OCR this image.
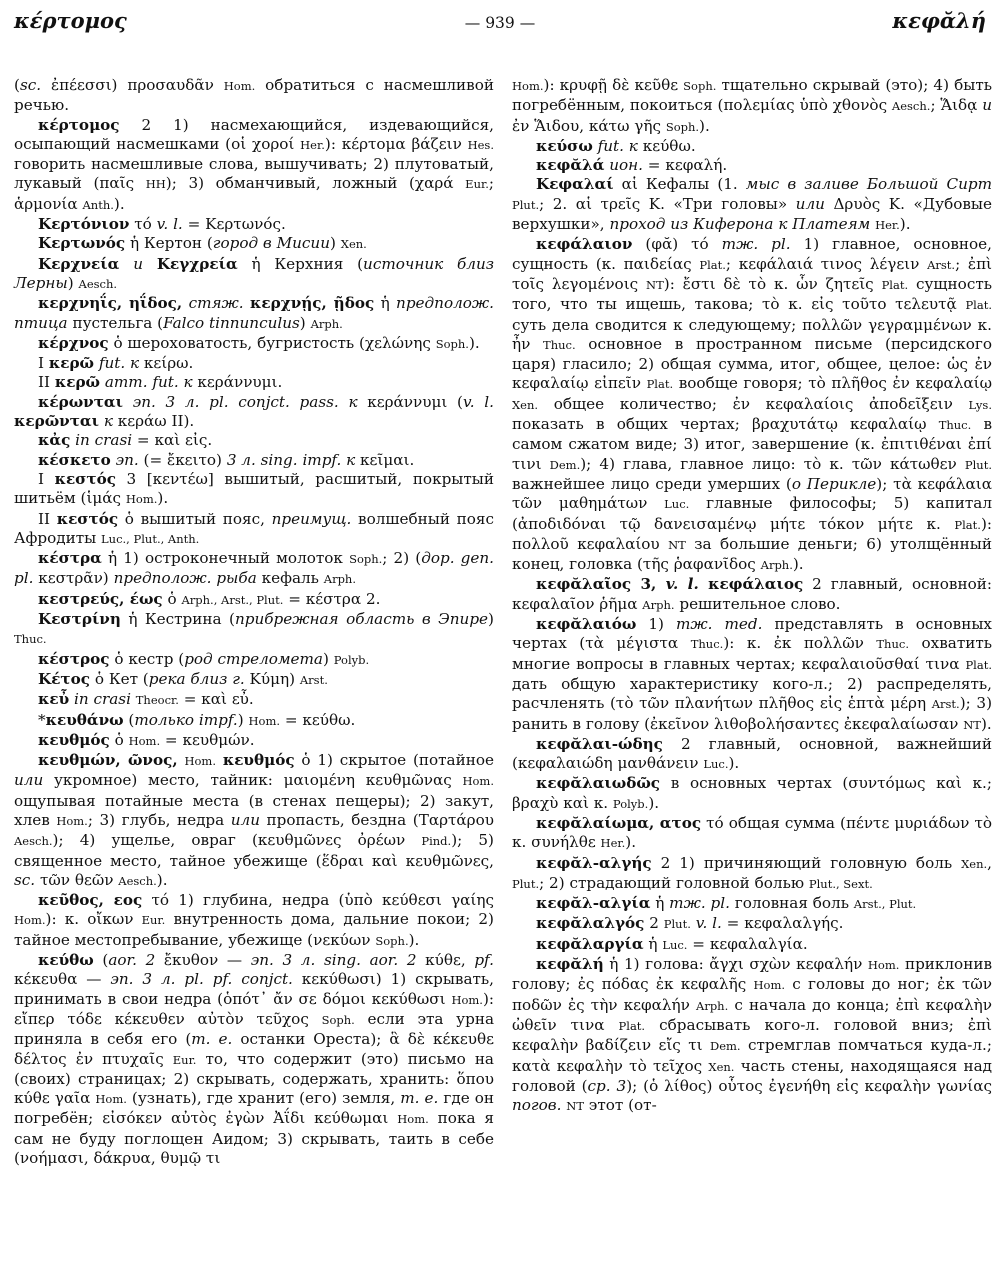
κέρτομος	— 939 —	κεφᾰλή

(sc. ἐπέεσσι) προσαυδᾶν Hom. обратиться с насмешливой речью.

κέρτομος 2 1) насмехающийся, издевающийся, осыпающий насмешками (οἱ χοροί Her.): κέρτομα βάζειν Hes. говорить насмешливые слова, вышучивать; 2) плутоватый, лукавый (παῖς HH); 3) обманчивый, ложный (χαρά Eur.; ἁρμονία Anth.).

Κερτόνιον τό v. l. = Κερτωνός.

Κερτωνός ἡ Кертон (город в Мисии) Xen.

Κερχνεία и Κεγχρεία ἡ Керхния (источник близ Лерны) Aesch.

κερχνηΐς, ηΐδος, стяж. κερχνῄς, ῇδος ἡ предполож. птица пустельга (Falco tinnunculus) Arph.

κέρχνος ὁ шероховатость, бугристость (χελώνης Soph.).

I κερῶ fut. к κείρω.

II κερῶ атт. fut. к κεράννυμι.

κέρωνται эп. 3 л. pl. conjct. pass. к κεράννυμι (v. l. κερῶνται к κεράω II).

κἀς in crasi = καὶ εἰς.

κέσκετο эп. (= ἔκειτο) 3 л. sing. impf. к κεῖμαι.

I κεστός 3 [κεντέω] вышитый, расшитый, покрытый шитьём (ἱμάς Hom.).

II κεστός ὁ вышитый пояс, преимущ. волшебный пояс Афродиты Luc., Plut., Anth.

κέστρα ἡ 1) остроконечный молоток Soph.; 2) (дор. gen. pl. κεστρᾶν) предполож. рыба кефаль Arph.

κεστρεύς, έως ὁ Arph., Arst., Plut. = κέστρα 2.

Κεστρίνη ἡ Кестрина (прибрежная область в Эпире) Thuc.

κέστρος ὁ кестр (род стрелометa) Polyb.

Κέτος ὁ Кет (река близ г. Κύμη) Arst.

κεὖ in crasi Theocr. = καὶ εὖ.

*κευθάνω (только impf.) Hom. = κεύθω.

κευθμός ὁ Hom. = κευθμών.

κευθμών, ῶνος, Hom. κευθμός ὁ 1) скрытое (потайное или укромное) место, тайник: μαιομένη κευθμῶνας Hom. ощупывая потайные места (в стенах пещеры); 2) закут, хлев Hom.; 3) глубь, недра или пропасть, бездна (Ταρτάρου Aesch.); 4) ущелье, овраг (κευθμῶνες ὀρέων Pind.); 5) священное место, тайное убежище (ἕδραι καὶ κευθμῶνες, sc. τῶν θεῶν Aesch.).

κεῦθος, εος τό 1) глубина, недра (ὑπὸ κεύθεσι γαίης Hom.): κ. οἴκων Eur. внутренность дома, дальние покои; 2) тайное местопребывание, убежище (νεκύων Soph.).

κεύθω (aor. 2 ἔκυθον — эп. 3 л. sing. aor. 2 κύθε, pf. κέκευθα — эп. 3 л. pl. pf. conjct. κεκύθωσι) 1) скрывать, принимать в свои недра (ὁπότ᾽ ἄν σε δόμοι κεκύθωσι Hom.): εἴπερ τόδε κέκευθεν αὐτὸν τεῦχος Soph. если эта урна приняла в себя его (т. е. останки Ореста); ἃ δὲ κέκευθε δέλτος ἐν πτυχαῖς Eur. то, что содержит (это) письмо на (своих) страницах; 2) скрывать, содержать, хранить: ὅπου κύθε γαῖα Hom. (узнать), где хранит (его) земля, т. е. где он погребён; εἰσόκεν αὐτὸς ἐγὼν Ἀΐδι κεύθωμαι Hom. пока я сам не буду поглощен Аидом; 3) скрывать, таить в себе (νοήμασι, δάκρυα, θυμῷ τι

Hom.): κρυφῇ δὲ κεῦθε Soph. тщательно скрывай (это); 4) быть погребённым, покоиться (πολεμίας ὑπὸ χθονὸς Aesch.; Ἅιδᾳ и ἐν Ἅιδου, κάτω γῆς Soph.).

κεύσω fut. к κεύθω.

κεφᾰλά ион. = κεφαλή.

Κεφαλαί αἱ Кефалы (1. мыс в заливе Большой Сирт Plut.; 2. αἱ τρεῖς Κ. «Три головы» или Δρυὸς Κ. «Дубовые верхушки», проход из Киферона к Платеям Her.).

κεφάλαιον (φᾰ) τό тж. pl. 1) главное, основное, сущность (κ. παιδείας Plat.; κεφάλαιά τινος λέγειν Arst.; ἐπὶ τοῖς λεγομένοις NT): ἔστι δὲ τὸ κ. ὧν ζητεῖς Plat. сущность того, что ты ищешь, такова; τὸ κ. εἰς τοῦτο τελευτᾷ Plat. суть дела сводится к следующему; πολλῶν γεγραμμένων κ. ἦν Thuc. основное в пространном письме (персидского царя) гласило; 2) общая сумма, итог, общее, целое: ὡς ἐν κεφαλαίῳ εἰπεῖν Plat. вообще говоря; τὸ πλῆθος ἐν κεφαλαίῳ Xen. общее количество; ἐν κεφαλαίοις ἀποδεῖξειν Lys. показать в общих чертах; βραχυτάτῳ κεφαλαίῳ Thuc. в самом сжатом виде; 3) итог, завершение (κ. ἐπιτιθέναι ἐπί τινι Dem.); 4) глава, главное лицо: τὸ κ. τῶν κάτωθεν Plut. важнейшее лицо среди умерших (о Перикле); τὰ κεφάλαια τῶν μαθημάτων Luc. главные философы; 5) капитал (ἀποδιδόναι τῷ δανεισαμένῳ μήτε τόκον μήτε κ. Plat.): πολλοῦ κεφαλαίου NT за большие деньги; 6) утолщённый конец, головка (τῆς ῥαφανῖδος Arph.).

κεφᾰλαῖος 3, v. l. κεφάλαιος 2 главный, основной: κεφαλαῖον ῥῆμα Arph. решительное слово.

κεφᾰλαιόω 1) тж. med. представлять в основных чертах (τὰ μέγιστα Thuc.): κ. ἐκ πολλῶν Thuc. охватить многие вопросы в главных чертах; κεφαλαιοῦσθαί τινα Plat. дать общую характеристику кого-л.; 2) распределять, расчленять (τὸ τῶν πλανήτων πλῆθος εἰς ἑπτὰ μέρη Arst.); 3) ранить в голову (ἐκεῖνον λιθοβολήσαντες ἐκεφαλαίωσαν NT).

κεφᾰλαι-ώδης 2 главный, основной, важнейший (κεφαλαιώδη μανθάνειν Luc.).

κεφᾰλαιωδῶς в основных чертах (συντόμως καὶ κ.; βραχὺ καὶ κ. Polyb.).

κεφᾰλαίωμα, ατος τό общая сумма (πέντε μυριάδων τὸ κ. συνήλθε Her.).

κεφᾰλ-αλγής 2 1) причиняющий головную боль Xen., Plut.; 2) страдающий головной болью Plut., Sext.

κεφᾰλ-αλγία ἡ тж. pl. головная боль Arst., Plut.

κεφᾰλαλγός 2 Plut. v. l. = κεφαλαλγής.

κεφᾰλαργία ἡ Luc. = κεφαλαλγία.

κεφᾰλή ἡ 1) голова: ἄγχι σχὼν κεφαλήν Hom. приклонив голову; ἐς πόδας ἐκ κεφαλῆς Hom. с головы до ног; ἐκ τῶν ποδῶν ἐς τὴν κεφαλήν Arph. с начала до конца; ἐπὶ κεφαλὴν ὠθεῖν τινα Plat. сбрасывать кого-л. головой вниз; ἐπὶ κεφαλὴν βαδίζειν εἴς τι Dem. стремглав помчаться куда-л.; κατὰ κεφαλὴν τὸ τεῖχος Xen. часть стены, находящаяся над головой (ср. 3); (ὁ λίθος) οὗτος ἐγενήθη εἰς κεφαλὴν γωνίας погов. NT этот (от-
